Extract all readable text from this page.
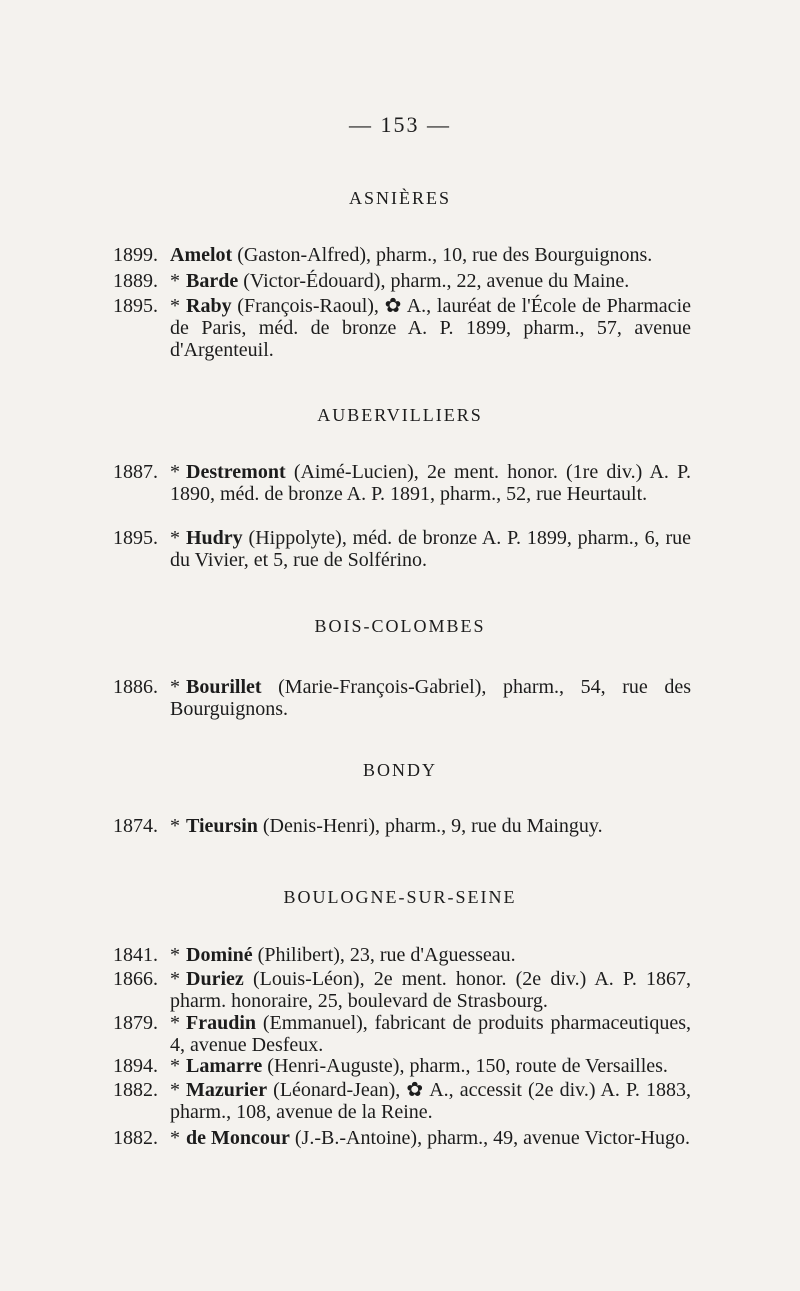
— 153 —
ASNIÈRES
1899. Amelot (Gaston-Alfred), pharm., 10, rue des Bourguignons.
1889. * Barde (Victor-Édouard), pharm., 22, avenue du Maine.
1895. * Raby (François-Raoul), ✿ A., lauréat de l'École de Pharmacie de Paris, méd. de bronze A. P. 1899, pharm., 57, avenue d'Argenteuil.
AUBERVILLIERS
1887. * Destremont (Aimé-Lucien), 2e ment. honor. (1re div.) A. P. 1890, méd. de bronze A. P. 1891, pharm., 52, rue Heurtault.
1895. * Hudry (Hippolyte), méd. de bronze A. P. 1899, pharm., 6, rue du Vivier, et 5, rue de Solférino.
BOIS-COLOMBES
1886. * Bourillet (Marie-François-Gabriel), pharm., 54, rue des Bourguignons.
BONDY
1874. * Tieursin (Denis-Henri), pharm., 9, rue du Mainguy.
BOULOGNE-SUR-SEINE
1841. * Dominé (Philibert), 23, rue d'Aguesseau.
1866. * Duriez (Louis-Léon), 2e ment. honor. (2e div.) A. P. 1867, pharm. honoraire, 25, boulevard de Strasbourg.
1879. * Fraudin (Emmanuel), fabricant de produits pharmaceutiques, 4, avenue Desfeux.
1894. * Lamarre (Henri-Auguste), pharm., 150, route de Versailles.
1882. * Mazurier (Léonard-Jean), ✿ A., accessit (2e div.) A. P. 1883, pharm., 108, avenue de la Reine.
1882. * de Moncour (J.-B.-Antoine), pharm., 49, avenue Victor-Hugo.
